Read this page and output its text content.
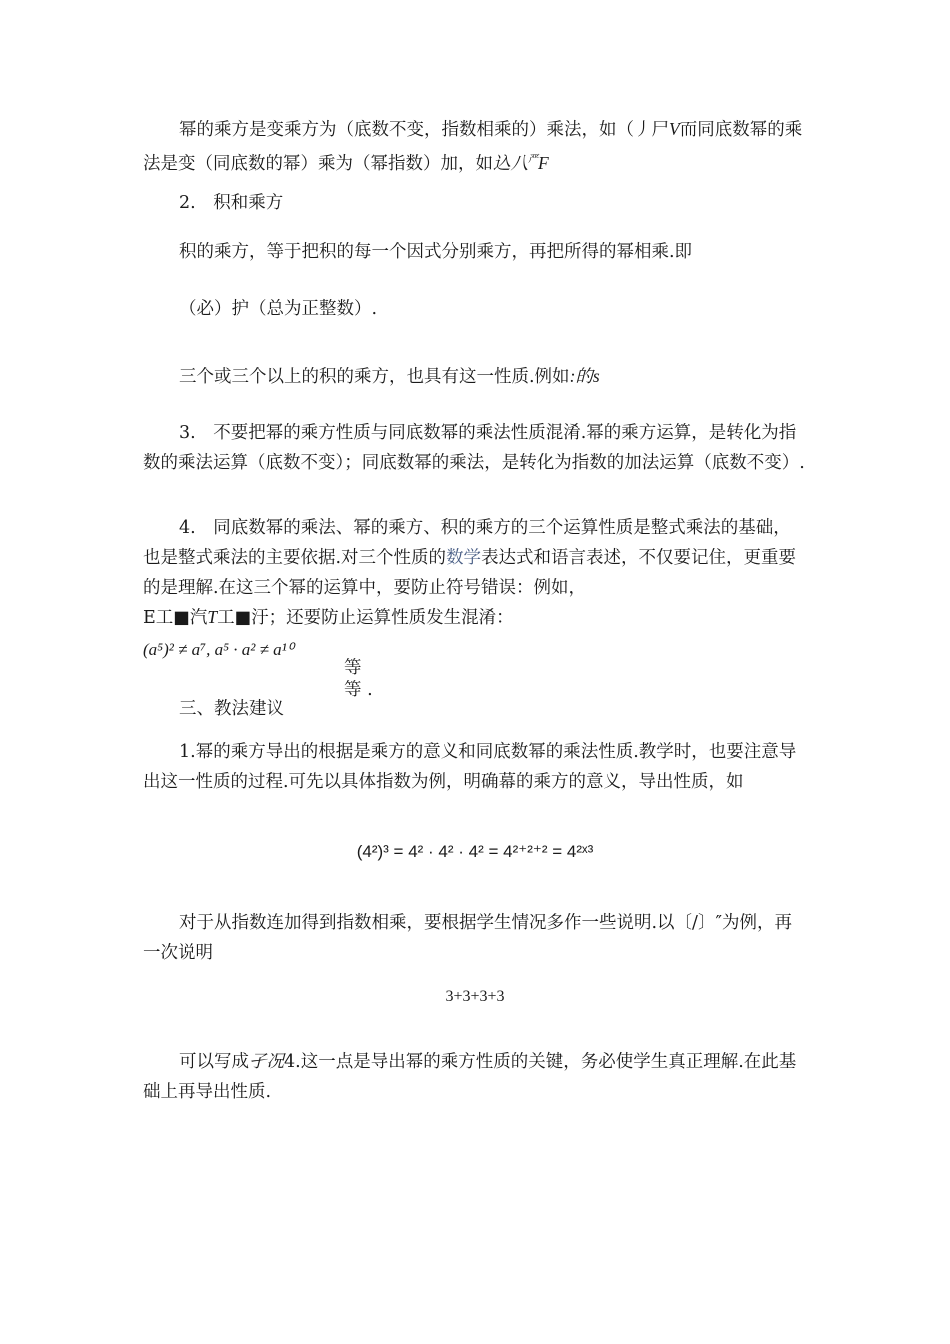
幂的乘方是变乘方为（底数不变，指数相乘的）乘法，如（丿尸V而同底数幂的乘法是变（同底数的幂）乘为（幂指数）加，如込八$^严$F
2.　积和乘方
积的乘方，等于把积的每一个因式分别乘方，再把所得的幂相乘.即
（必）护（总为正整数）.
三个或三个以上的积的乘方，也具有这一性质.例如:的s
3.　不要把幂的乘方性质与同底数幂的乘法性质混淆.幂的乘方运算，是转化为指数的乘法运算（底数不变）；同底数幂的乘法，是转化为指数的加法运算（底数不变）.
4.　同底数幂的乘法、幂的乘方、积的乘方的三个运算性质是整式乘法的基础，也是整式乘法的主要依据.对三个性质的数学表达式和语言表述，不仅要记住，更重要的是理解.在这三个幂的运算中，要防止符号错误：例如，
E工■汽T工■汙；还要防止运算性质发生混淆：
(a⁵)² ≠ a⁷, a⁵ · a² ≠ a¹⁰
等
等 .
三、教法建议
1.幂的乘方导出的根据是乘方的意义和同底数幂的乘法性质.教学时，也要注意导出这一性质的过程.可先以具体指数为例，明确幕的乘方的意义，导出性质，如
(4²)³ = 4² · 4² · 4² = 4²⁺²⁺² = 4²ˣ³
对于从指数连加得到指数相乘，要根据学生情况多作一些说明.以〔/〕″为例，再一次说明
3+3+3+3
可以写成孑况4.这一点是导出幂的乘方性质的关键，务必使学生真正理解.在此基础上再导出性质.
